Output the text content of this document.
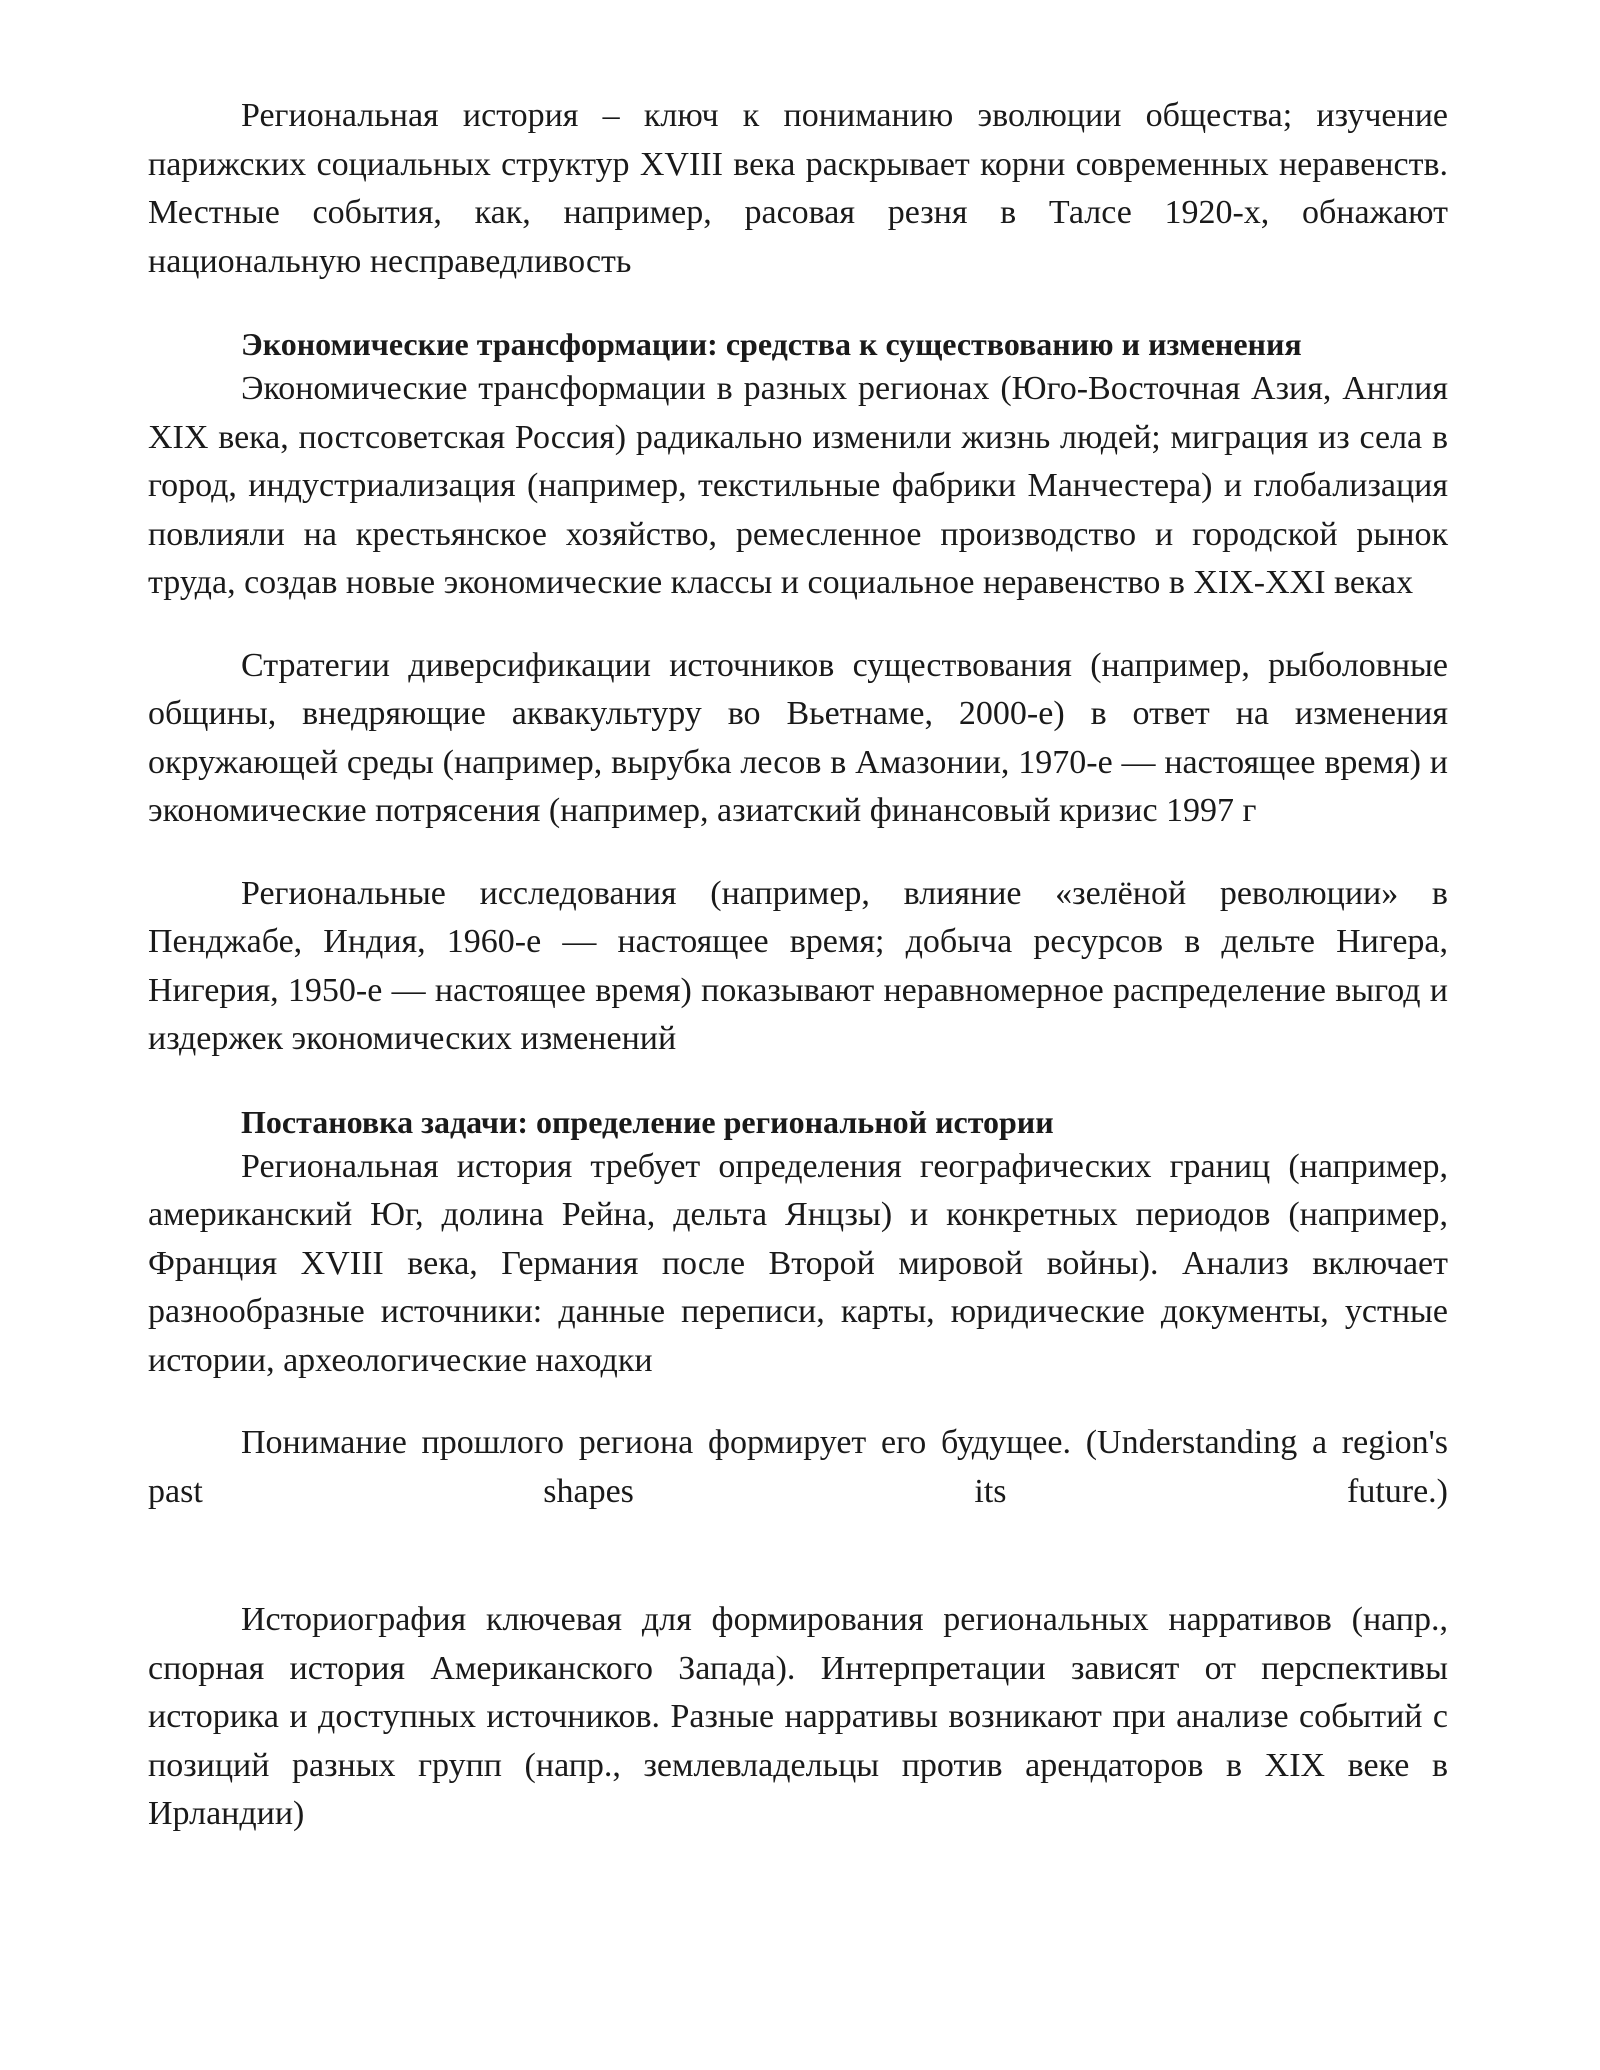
Региональная история – ключ к пониманию эволюции общества; изучение парижских социальных структур XVIII века раскрывает корни современных неравенств. Местные события, как, например, расовая резня в Талсе 1920-х, обнажают национальную несправедливость

Экономические трансформации: средства к существованию и изменения

Экономические трансформации в разных регионах (Юго-Восточная Азия, Англия XIX века, постсоветская Россия) радикально изменили жизнь людей; миграция из села в город, индустриализация (например, текстильные фабрики Манчестера) и глобализация повлияли на крестьянское хозяйство, ремесленное производство и городской рынок труда, создав новые экономические классы и социальное неравенство в XIX-XXI веках

Стратегии диверсификации источников существования (например, рыболовные общины, внедряющие аквакультуру во Вьетнаме, 2000-е) в ответ на изменения окружающей среды (например, вырубка лесов в Амазонии, 1970-е — настоящее время) и экономические потрясения (например, азиатский финансовый кризис 1997 г

Региональные исследования (например, влияние «зелёной революции» в Пенджабе, Индия, 1960-е — настоящее время; добыча ресурсов в дельте Нигера, Нигерия, 1950-е — настоящее время) показывают неравномерное распределение выгод и издержек экономических изменений

Постановка задачи: определение региональной истории

Региональная история требует определения географических границ (например, американский Юг, долина Рейна, дельта Янцзы) и конкретных периодов (например, Франция XVIII века, Германия после Второй мировой войны). Анализ включает разнообразные источники: данные переписи, карты, юридические документы, устные истории, археологические находки

Понимание прошлого региона формирует его будущее. (Understanding a region's past shapes its future.)

Историография ключевая для формирования региональных нарративов (напр., спорная история Американского Запада). Интерпретации зависят от перспективы историка и доступных источников. Разные нарративы возникают при анализе событий с позиций разных групп (напр., землевладельцы против арендаторов в XIX веке в Ирландии)
